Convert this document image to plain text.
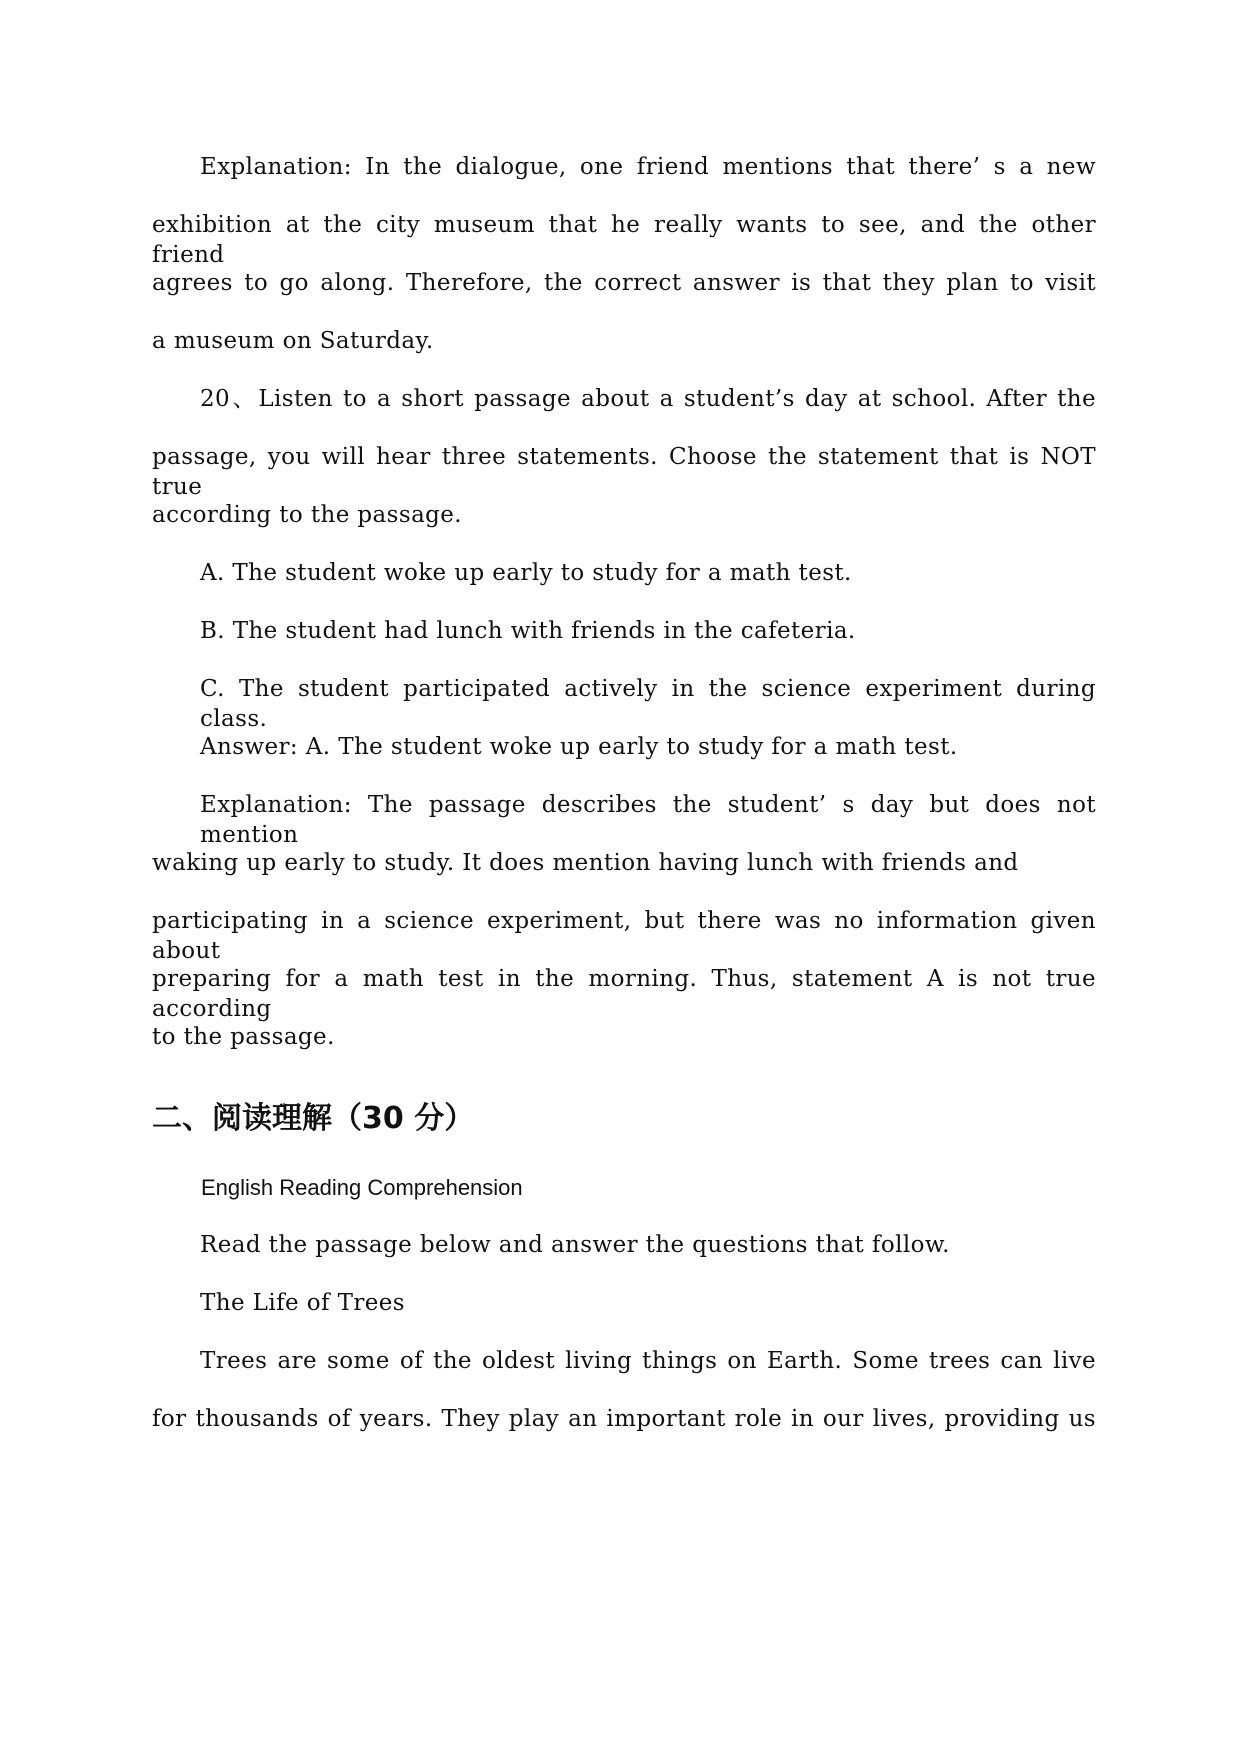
Explanation: In the dialogue, one friend mentions that there’ s a new

exhibition at the city museum that he really wants to see, and the other friend

agrees to go along. Therefore, the correct answer is that they plan to visit

a museum on Saturday.

20、Listen to a short passage about a student’s day at school. After the

passage, you will hear three statements. Choose the statement that is NOT true

according to the passage.

A. The student woke up early to study for a math test.

B. The student had lunch with friends in the cafeteria.

C. The student participated actively in the science experiment during class.

Answer: A. The student woke up early to study for a math test.

Explanation: The passage describes the student’ s day but does not mention

waking up early to study. It does mention having lunch with friends and

participating in a science experiment, but there was no information given about

preparing for a math test in the morning. Thus, statement A is not true according

to the passage.

二、阅读理解（30 分）

English Reading Comprehension

Read the passage below and answer the questions that follow.

The Life of Trees

Trees are some of the oldest living things on Earth. Some trees can live

for thousands of years. They play an important role in our lives, providing us
